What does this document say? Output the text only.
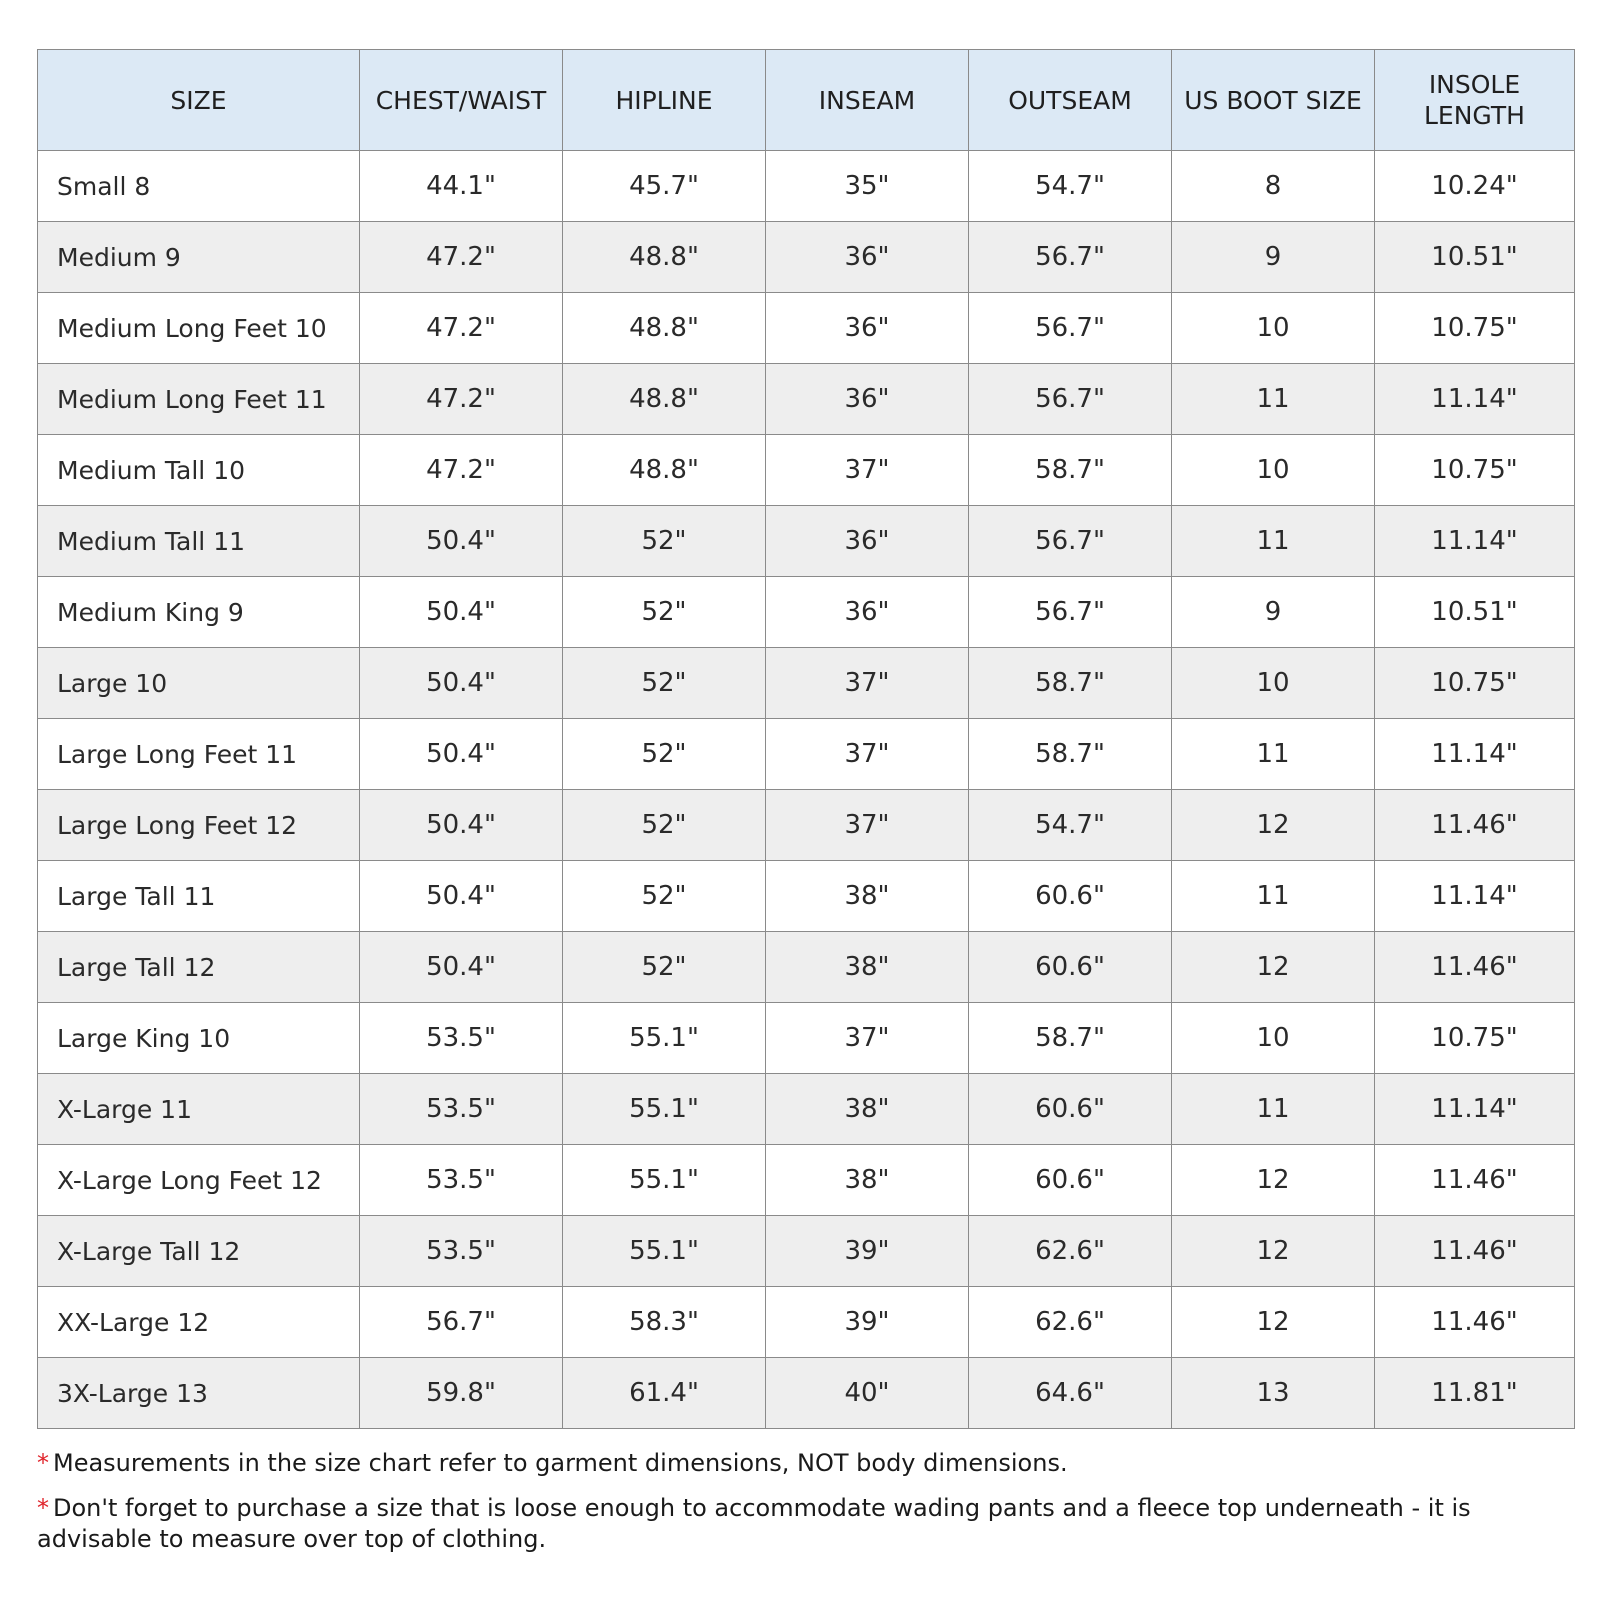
SIZE	CHEST/WAIST	HIPLINE	INSEAM	OUTSEAM	US BOOT SIZE	INSOLE LENGTH
Small 8	44.1"	45.7"	35"	54.7"	8	10.24"
Medium 9	47.2"	48.8"	36"	56.7"	9	10.51"
Medium Long Feet 10	47.2"	48.8"	36"	56.7"	10	10.75"
Medium Long Feet 11	47.2"	48.8"	36"	56.7"	11	11.14"
Medium Tall 10	47.2"	48.8"	37"	58.7"	10	10.75"
Medium Tall 11	50.4"	52"	36"	56.7"	11	11.14"
Medium King 9	50.4"	52"	36"	56.7"	9	10.51"
Large 10	50.4"	52"	37"	58.7"	10	10.75"
Large Long Feet 11	50.4"	52"	37"	58.7"	11	11.14"
Large Long Feet 12	50.4"	52"	37"	54.7"	12	11.46"
Large Tall 11	50.4"	52"	38"	60.6"	11	11.14"
Large Tall 12	50.4"	52"	38"	60.6"	12	11.46"
Large King 10	53.5"	55.1"	37"	58.7"	10	10.75"
X-Large 11	53.5"	55.1"	38"	60.6"	11	11.14"
X-Large Long Feet 12	53.5"	55.1"	38"	60.6"	12	11.46"
X-Large Tall 12	53.5"	55.1"	39"	62.6"	12	11.46"
XX-Large 12	56.7"	58.3"	39"	62.6"	12	11.46"
3X-Large 13	59.8"	61.4"	40"	64.6"	13	11.81"
* Measurements in the size chart refer to garment dimensions, NOT body dimensions.
* Don't forget to purchase a size that is loose enough to accommodate wading pants and a fleece top underneath - it is advisable to measure over top of clothing.
